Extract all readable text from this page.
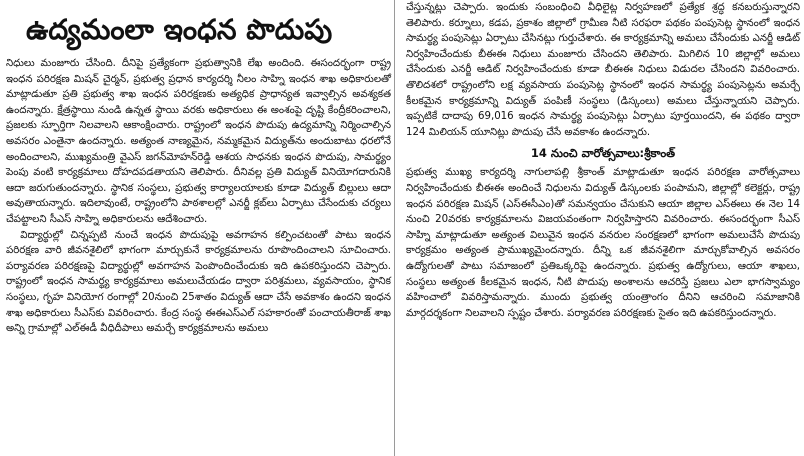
ఉద్యమంలా ఇంధన పొదుపు

నిధులు మంజూరు చేసింది. దీనిపై ప్రత్యేకంగా ప్రభుత్వానికి లేఖ అందింది. ఈసందర్భంగా రాష్ట్ర ఇంధన పరిరక్షణ మిషన్ చైర్మన్, ప్రభుత్వ ప్రధాన కార్యదర్శి నీలం సాహ్ని ఇంధన శాఖ అధికారులతో మాట్లాడుతూ ప్రతి ప్రభుత్వ శాఖ ఇంధన పరిరక్షణకు అత్యధిక ప్రాధాన్యత ఇవ్వాల్సిన అవశ్యకత ఉందన్నారు. క్షేత్రస్థాయి నుండి ఉన్నత స్థాయి వరకు అధికారులు ఈ అంశంపై దృష్టి కేంద్రీకరించాలని, ప్రజలకు స్ఫూర్తిగా నిలవాలని ఆకాంక్షించారు. రాష్ట్రంలో ఇంధన పొదుపు ఉద్యమాన్ని నిర్మించాల్సిన అవసరం ఎంతైనా ఉందన్నారు. అత్యంత నాణ్యమైన, నమ్మకమైన విద్యుత్‌ను అందుబాటు ధరలోనే అందించాలని, ముఖ్యమంత్రి వైఎస్ జగన్‌మోహన్‌రెడ్డి ఆశయ సాధనకు ఇంధన పొదుపు, సామర్థ్యం పెంపు వంటి కార్యక్రమాలు దోహదపడతాయని తెలిపారు. దీనివల్ల ప్రతి విద్యుత్ వినియోగదారునికి ఆదా జరుగుతుందన్నారు. స్థానిక సంస్థలు, ప్రభుత్వ కార్యాలయాలకు కూడా విద్యుత్ బిల్లులు ఆదా అవుతాయన్నారు. ఇదిలావుంటే, రాష్ట్రంలోని పాఠశాలల్లో ఎనర్జీ క్లబ్‌లు ఏర్పాటు చేసేందుకు చర్యలు చేపట్టాలని సీఎస్ సాహ్ని అధికారులను ఆదేశించారు.

విద్యార్థుల్లో చిన్నప్పటి నుంచే ఇంధన పొదుపుపై అవగాహన కల్పించటంతో పాటు ఇంధన పరిరక్షణ వారి జీవనశైలిలో భాగంగా మార్చుకునే కార్యక్రమాలను రూపొందించాలని సూచించారు. పర్యావరణ పరిరక్షణపై విద్యార్థుల్లో అవగాహన పెంపొందించేందుకు ఇది ఉపకరిస్తుందని చెప్పారు. రాష్ట్రంలో ఇంధన సామర్థ్య కార్యక్రమాలు అమలుచేయడం ద్వారా పరిశ్రమలు, వ్యవసాయం, స్థానిక సంస్థలు, గృహ వినియోగ రంగాల్లో 20నుంచి 25శాతం విద్యుత్ ఆదా చేసే అవకాశం ఉందని ఇంధన శాఖ అధికారులు సీఎస్‌కు వివరించారు. కేంద్ర సంస్థ ఈఈఎస్ఎల్ సహకారంతో పంచాయతీరాజ్ శాఖ అన్ని గ్రామాల్లో ఎల్ఈడీ వీధిదీపాలు అమర్చే కార్యక్రమాలను అమలు

చేస్తున్నట్లు చెప్పారు. ఇందుకు సంబంధించి వీధిలైట్ల నిర్వహణలో ప్రత్యేక శ్రద్ధ కనబరుస్తున్నారని తెలిపారు. కర్నూలు, కడప, ప్రకాశం జిల్లాలో గ్రామీణ నీటి సరఫరా పథకం పంపుసెట్ల స్థానంలో ఇంధన సామర్థ్య పంపుసెట్లు ఏర్పాటు చేసినట్లు గుర్తుచేశారు. ఈ కార్యక్రమాన్ని అమలు చేసేందుకు ఎనర్జీ ఆడిట్ నిర్వహించేందుకు బీఈఈ నిధులు మంజూరు చేసిందని తెలిపారు. మిగిలిన 10 జిల్లాల్లో అమలు చేసేందుకు ఎనర్జీ ఆడిట్ నిర్వహించేందుకు కూడా బీఈఈ నిధులు విడుదల చేసిందని వివరించారు. తొలిదశలో రాష్ట్రంలోని లక్ష వ్యవసాయ పంపుసెట్ల స్థానంలో ఇంధన సామర్థ్య పంపుసెట్లను అమర్చే కీలకమైన కార్యక్రమాన్ని విద్యుత్ పంపిణీ సంస్థలు (డిస్కంలు) అమలు చేస్తున్నాయని చెప్పారు. ఇప్పటికే దాదాపు 69,016 ఇంధన సామర్థ్య పంపుసెట్లు ఏర్పాటు పూర్తయిందని, ఈ పథకం ద్వారా 124 మిలియన్ యూనిట్లు పొదుపు చేసే అవకాశం ఉందన్నారు.

14 నుంచి వారోత్సవాలు:శ్రీకాంత్

ప్రభుత్వ ముఖ్య కార్యదర్శి నాగులాపల్లి శ్రీకాంత్ మాట్లాడుతూ ఇంధన పరిరక్షణ వారోత్సవాలు నిర్వహించేందుకు బీఈఈ అందించే నిధులను విద్యుత్ డిస్కంలకు పంపామని, జిల్లాల్లో కలెక్టర్లు, రాష్ట్ర ఇంధన పరిరక్షణ మిషన్ (ఎస్ఈసీఎం)తో సమన్వయం చేసుకుని ఆయా జిల్లాల ఎస్ఈలు ఈ నెల 14 నుంచి 20వరకు కార్యక్రమాలను విజయవంతంగా నిర్వహిస్తారని వివరించారు. ఈసందర్భంగా సీఎస్ సాహ్ని మాట్లాడుతూ అత్యంత విలువైన ఇంధన వనరుల సంరక్షణలో భాగంగా అమలుచేసే పొదుపు కార్యక్రమం అత్యంత ప్రాముఖ్యమైందన్నారు. దీన్ని ఒక జీవనశైలిగా మార్చుకోవాల్సిన అవసరం ఉద్యోగులతో పాటు సమాజంలో ప్రతిఒక్కరిపై ఉందన్నారు. ప్రభుత్వ ఉద్యోగులు, ఆయా శాఖలు, సంస్థలు అత్యంత కీలకమైన ఇంధన, నీటి పొదుపు అంశాలను ఆచరిస్తే ప్రజలు ఎలా భాగస్వామ్యం వహించాలో వివరిస్తామన్నారు. ముందు ప్రభుత్వ యంత్రాంగం దీనిని ఆచరించి సమాజానికి మార్గదర్శకంగా నిలవాలని స్పష్టం చేశారు. పర్యావరణ పరిరక్షణకు సైతం ఇది ఉపకరిస్తుందన్నారు.
